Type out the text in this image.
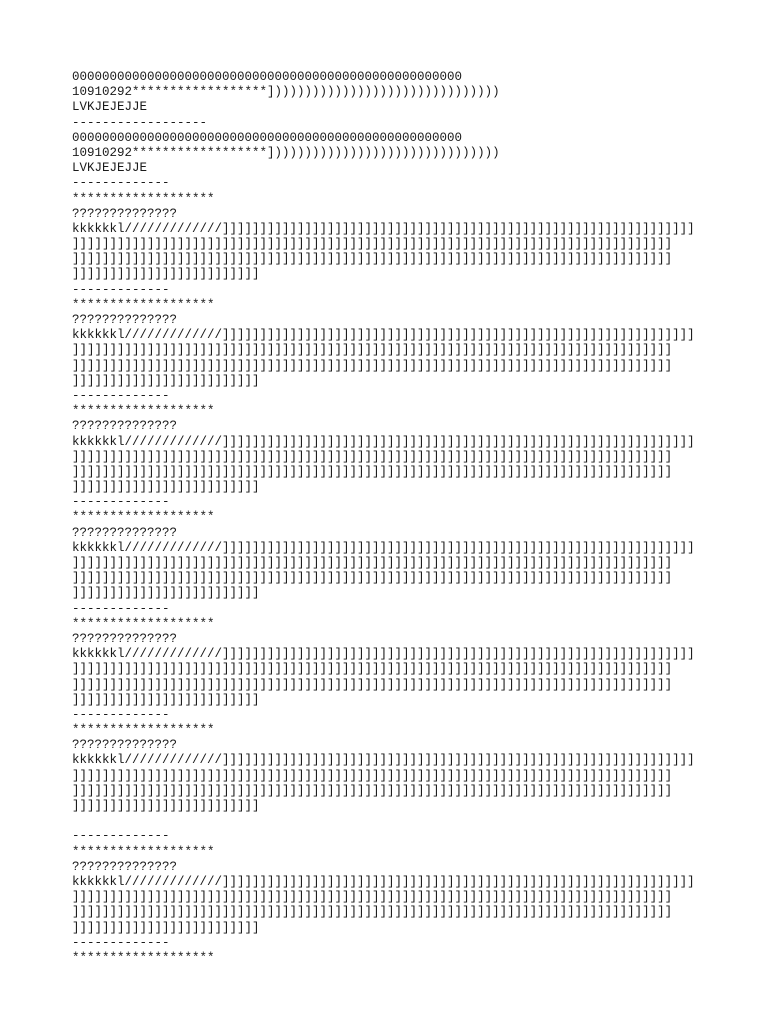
0000000000000000000000000000000000000000000000000000
10910292******************]))))))))))))))))))))))))))))))
LVKJEJEJJE
------------------
0000000000000000000000000000000000000000000000000000
10910292******************]))))))))))))))))))))))))))))))
LVKJEJEJJE
-------------
*******************
??????????????
kkkkkkl/////////////]]]]]]]]]]]]]]]]]]]]]]]]]]]]]]]]]]]]]]]]]]]]]]]]]]]]]]]]]]]]]]]
]]]]]]]]]]]]]]]]]]]]]]]]]]]]]]]]]]]]]]]]]]]]]]]]]]]]]]]]]]]]]]]]]]]]]]]]]]]]]]]]
]]]]]]]]]]]]]]]]]]]]]]]]]]]]]]]]]]]]]]]]]]]]]]]]]]]]]]]]]]]]]]]]]]]]]]]]]]]]]]]]
]]]]]]]]]]]]]]]]]]]]]]]]]
-------------
*******************
??????????????
kkkkkkl/////////////]]]]]]]]]]]]]]]]]]]]]]]]]]]]]]]]]]]]]]]]]]]]]]]]]]]]]]]]]]]]]]]
]]]]]]]]]]]]]]]]]]]]]]]]]]]]]]]]]]]]]]]]]]]]]]]]]]]]]]]]]]]]]]]]]]]]]]]]]]]]]]]]
]]]]]]]]]]]]]]]]]]]]]]]]]]]]]]]]]]]]]]]]]]]]]]]]]]]]]]]]]]]]]]]]]]]]]]]]]]]]]]]]
]]]]]]]]]]]]]]]]]]]]]]]]]
-------------
*******************
??????????????
kkkkkkl/////////////]]]]]]]]]]]]]]]]]]]]]]]]]]]]]]]]]]]]]]]]]]]]]]]]]]]]]]]]]]]]]]]
]]]]]]]]]]]]]]]]]]]]]]]]]]]]]]]]]]]]]]]]]]]]]]]]]]]]]]]]]]]]]]]]]]]]]]]]]]]]]]]]
]]]]]]]]]]]]]]]]]]]]]]]]]]]]]]]]]]]]]]]]]]]]]]]]]]]]]]]]]]]]]]]]]]]]]]]]]]]]]]]]
]]]]]]]]]]]]]]]]]]]]]]]]]
-------------
*******************
??????????????
kkkkkkl/////////////]]]]]]]]]]]]]]]]]]]]]]]]]]]]]]]]]]]]]]]]]]]]]]]]]]]]]]]]]]]]]]]
]]]]]]]]]]]]]]]]]]]]]]]]]]]]]]]]]]]]]]]]]]]]]]]]]]]]]]]]]]]]]]]]]]]]]]]]]]]]]]]]
]]]]]]]]]]]]]]]]]]]]]]]]]]]]]]]]]]]]]]]]]]]]]]]]]]]]]]]]]]]]]]]]]]]]]]]]]]]]]]]]
]]]]]]]]]]]]]]]]]]]]]]]]]
-------------
*******************
??????????????
kkkkkkl/////////////]]]]]]]]]]]]]]]]]]]]]]]]]]]]]]]]]]]]]]]]]]]]]]]]]]]]]]]]]]]]]]]
]]]]]]]]]]]]]]]]]]]]]]]]]]]]]]]]]]]]]]]]]]]]]]]]]]]]]]]]]]]]]]]]]]]]]]]]]]]]]]]]
]]]]]]]]]]]]]]]]]]]]]]]]]]]]]]]]]]]]]]]]]]]]]]]]]]]]]]]]]]]]]]]]]]]]]]]]]]]]]]]]
]]]]]]]]]]]]]]]]]]]]]]]]]
-------------
*******************
??????????????
kkkkkkl/////////////]]]]]]]]]]]]]]]]]]]]]]]]]]]]]]]]]]]]]]]]]]]]]]]]]]]]]]]]]]]]]]]
]]]]]]]]]]]]]]]]]]]]]]]]]]]]]]]]]]]]]]]]]]]]]]]]]]]]]]]]]]]]]]]]]]]]]]]]]]]]]]]]
]]]]]]]]]]]]]]]]]]]]]]]]]]]]]]]]]]]]]]]]]]]]]]]]]]]]]]]]]]]]]]]]]]]]]]]]]]]]]]]]
]]]]]]]]]]]]]]]]]]]]]]]]]
-------------
*******************
??????????????
kkkkkkl/////////////]]]]]]]]]]]]]]]]]]]]]]]]]]]]]]]]]]]]]]]]]]]]]]]]]]]]]]]]]]]]]]]
]]]]]]]]]]]]]]]]]]]]]]]]]]]]]]]]]]]]]]]]]]]]]]]]]]]]]]]]]]]]]]]]]]]]]]]]]]]]]]]]
]]]]]]]]]]]]]]]]]]]]]]]]]]]]]]]]]]]]]]]]]]]]]]]]]]]]]]]]]]]]]]]]]]]]]]]]]]]]]]]]
]]]]]]]]]]]]]]]]]]]]]]]]]
-------------
*******************
